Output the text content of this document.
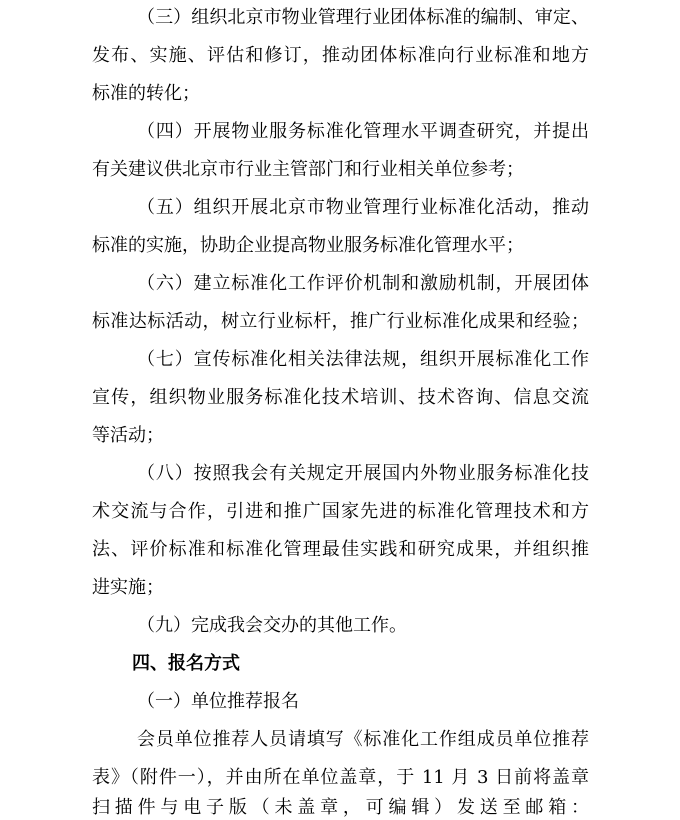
（三）组织北京市物业管理行业团体标准的编制、审定、
发布、实施、评估和修订，推动团体标准向行业标准和地方
标准的转化；
（四）开展物业服务标准化管理水平调查研究，并提出
有关建议供北京市行业主管部门和行业相关单位参考；
（五）组织开展北京市物业管理行业标准化活动，推动
标准的实施，协助企业提高物业服务标准化管理水平；
（六）建立标准化工作评价机制和激励机制，开展团体
标准达标活动，树立行业标杆，推广行业标准化成果和经验；
（七）宣传标准化相关法律法规，组织开展标准化工作
宣传，组织物业服务标准化技术培训、技术咨询、信息交流
等活动；
（八）按照我会有关规定开展国内外物业服务标准化技
术交流与合作，引进和推广国家先进的标准化管理技术和方
法、评价标准和标准化管理最佳实践和研究成果，并组织推
进实施；
（九）完成我会交办的其他工作。
四、报名方式
（一）单位推荐报名
会员单位推荐人员请填写《标准化工作组成员单位推荐
表》（附件一），并由所在单位盖章，于 11 月 3 日前将盖章
扫描件与电子版（未盖章，可编辑）发送至邮箱：
